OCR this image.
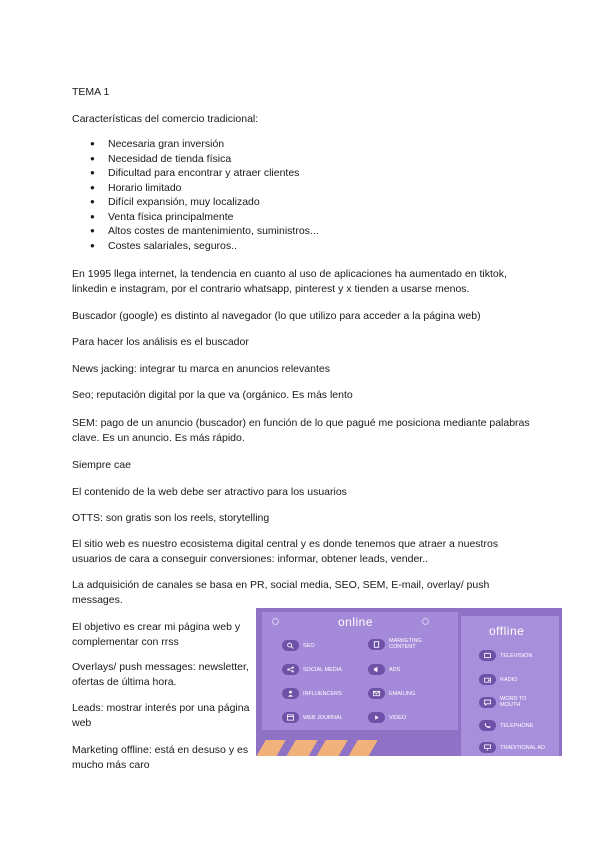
TEMA 1

Características del comercio tradicional:

● Necesaria gran inversión
● Necesidad de tienda física
● Dificultad para encontrar y atraer clientes
● Horario limitado
● Difícil expansión, muy localizado
● Venta física principalmente
● Altos costes de mantenimiento, suministros...
● Costes salariales, seguros..

En 1995 llega internet, la tendencia en cuanto al uso de aplicaciones ha aumentado en tiktok, linkedin e instagram, por el contrario whatsapp, pinterest y x tienden a usarse menos.

Buscador (google) es distinto al navegador (lo que utilizo para acceder a la página web)

Para hacer los análisis es el buscador

News jacking: integrar tu marca en anuncios relevantes

Seo; reputación digital por la que va (orgánico. Es más lento

SEM: pago de un anuncio (buscador) en función de lo que pagué me posiciona mediante palabras clave. Es un anuncio. Es más rápido.

Siempre cae

El contenido de la web debe ser atractivo para los usuarios

OTTS: son gratis son los reels, storytelling

El sitio web es nuestro ecosistema digital central y es donde tenemos que atraer a nuestros usuarios de cara a conseguir conversiones: informar, obtener leads, vender..

La adquisición de canales se basa en PR, social media, SEO, SEM, E-mail, overlay/ push messages.

El objetivo es crear mi página web y complementar con rrss

Overlays/ push messages: newsletter, ofertas de última hora.

Leads: mostrar interés por una página web

Marketing offline: está en desuso y es mucho más caro

online
SEO
MARKETING CONTENT
SOCIAL MEDIA	ADS
INFLUENCERS	EMAILING
WEB JOURNAL	VIDEO
offline
TELEVISION
RADIO
WORD TO MOUTH
TELEPHONE
TRADITIONAL AD
